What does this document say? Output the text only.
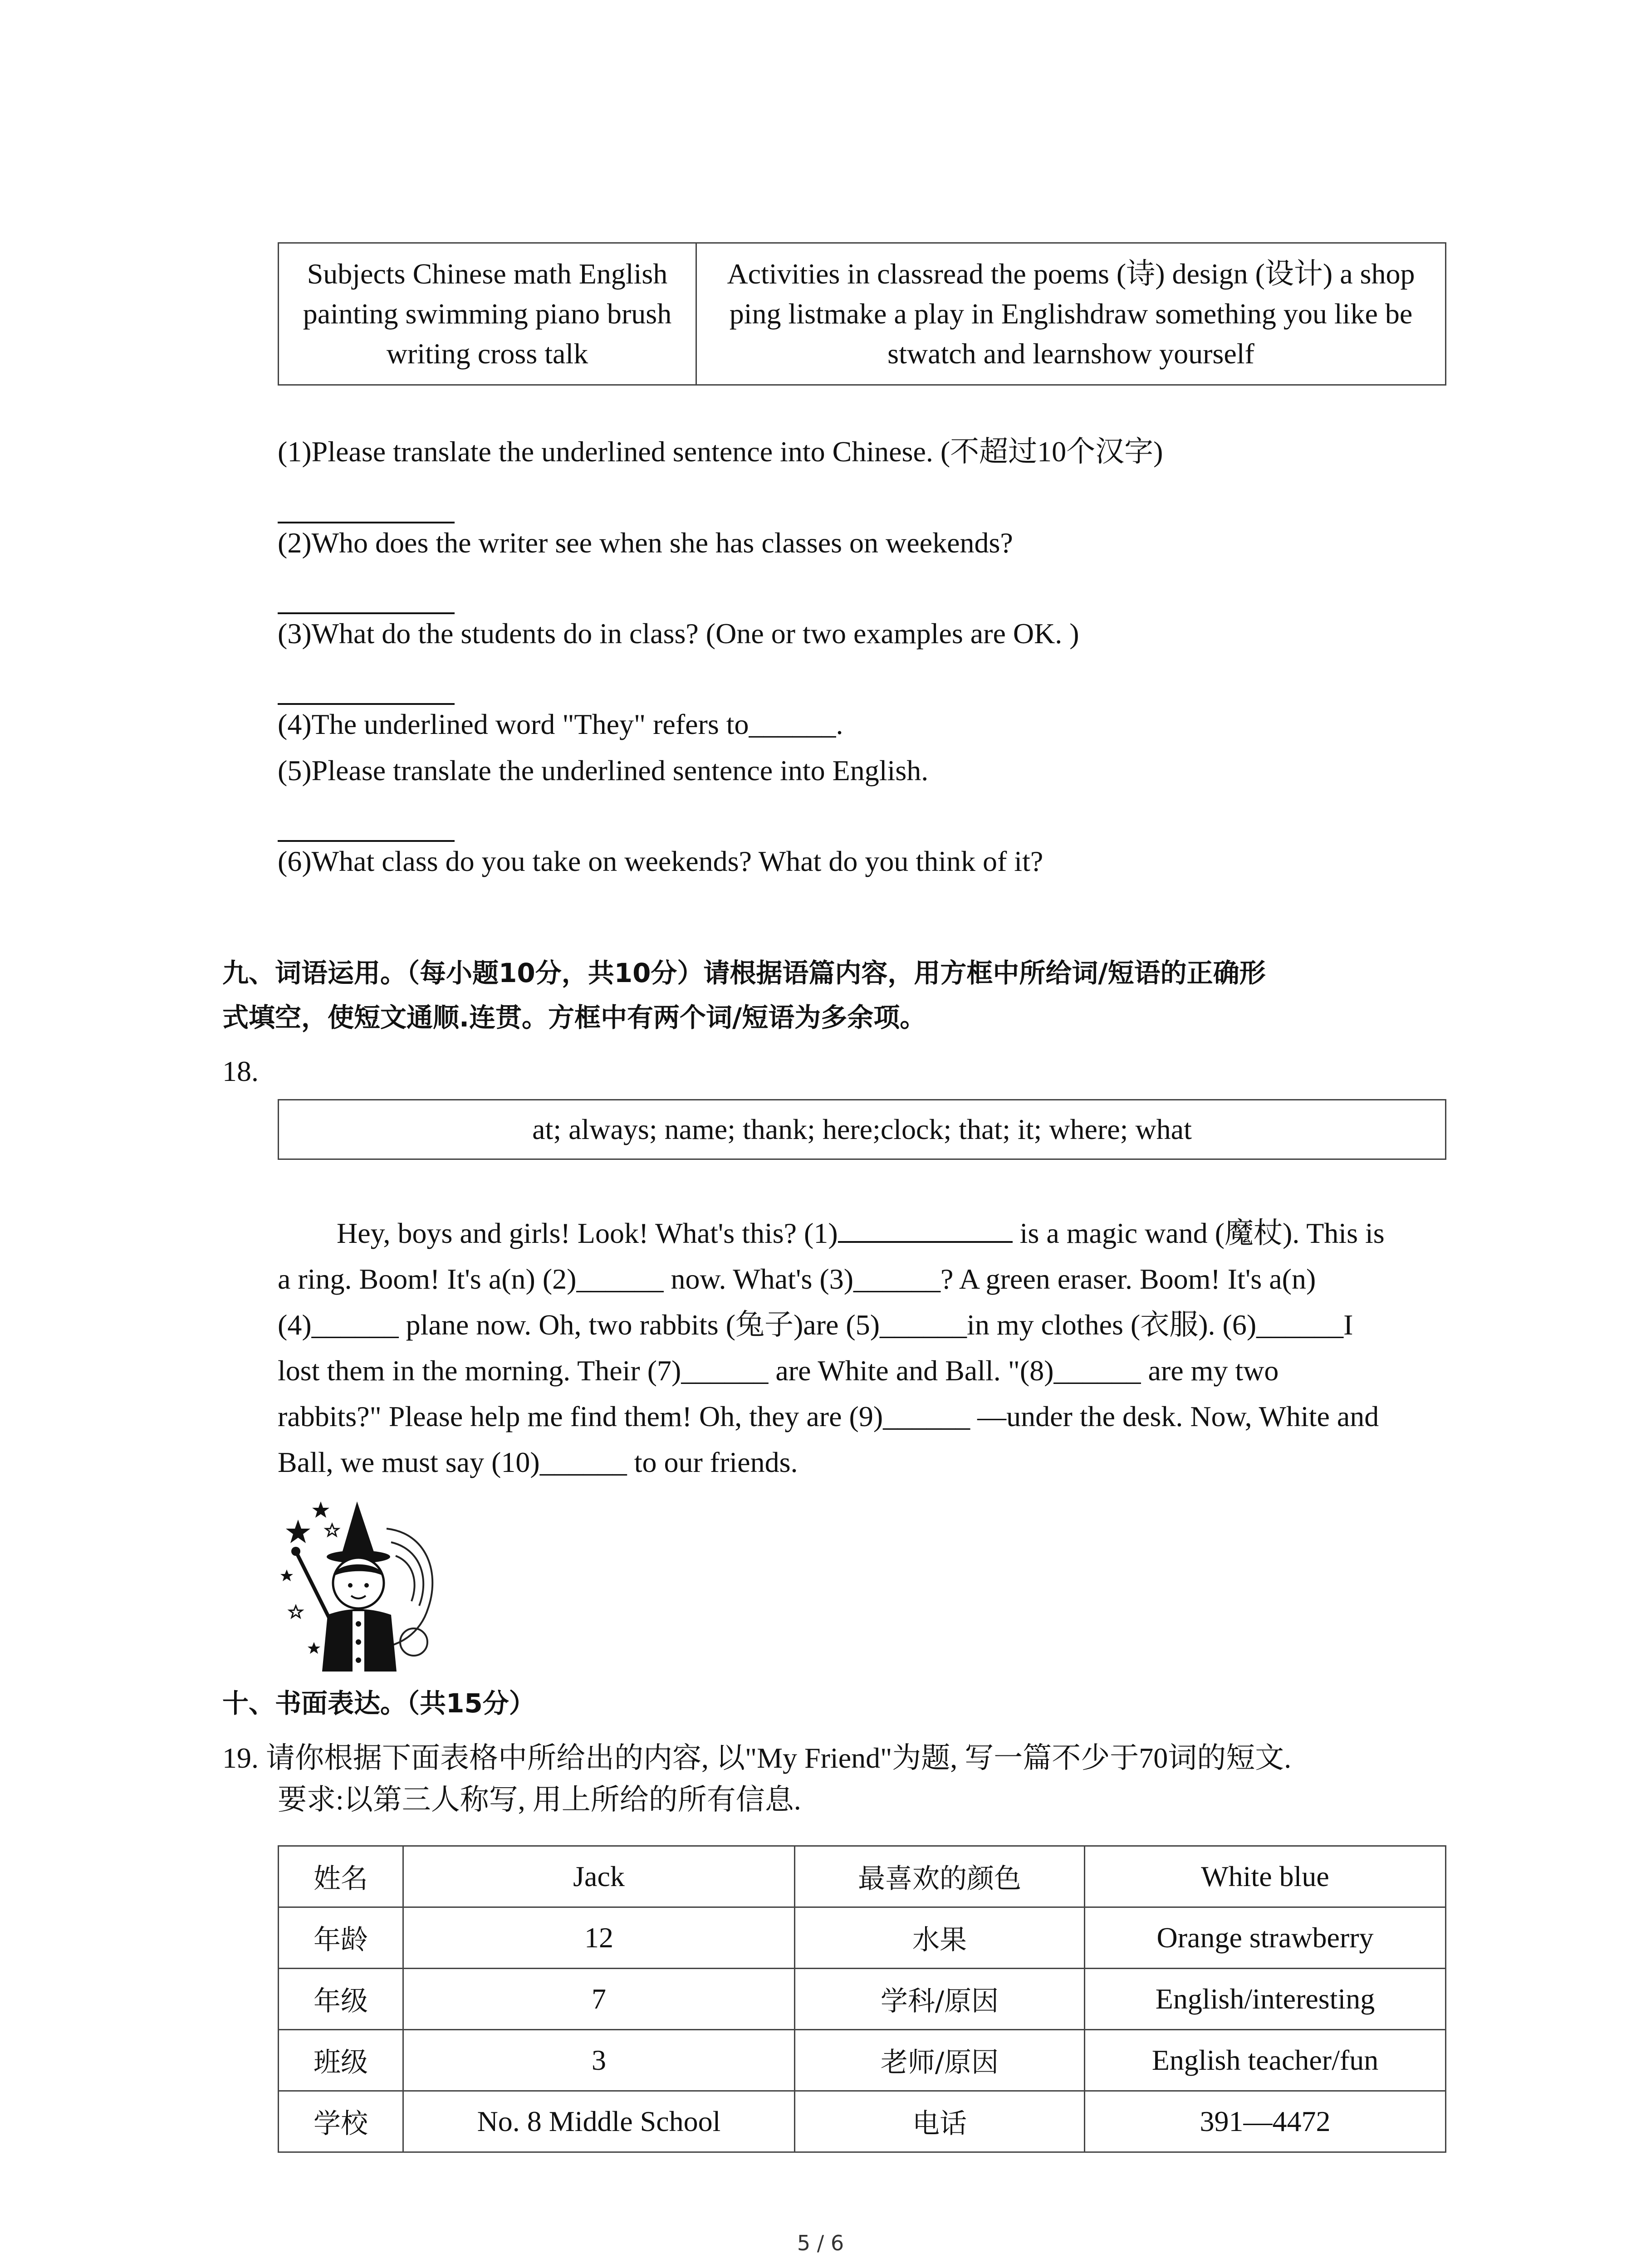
Subjects Chinese math English
painting swimming piano brush
writing cross talk	Activities in classread the poems (诗) design (设计) a shop
ping listmake a play in Englishdraw something you like be
stwatch and learnshow yourself
(1)Please translate the underlined sentence into Chinese. (不超过10个汉字)
(2)Who does the writer see when she has classes on weekends?
(3)What do the students do in class? (One or two examples are OK. )
(4)The underlined word "They" refers to______.
(5)Please translate the underlined sentence into English.
(6)What class do you take on weekends? What do you think of it?
九、词语运用。（每小题10分，共10分）请根据语篇内容，用方框中所给词/短语的正确形
式填空，使短文通顺.连贯。方框中有两个词/短语为多余项。
18.
at; always; name; thank; here;clock; that; it; where; what

Hey, boys and girls! Look! What's this? (1)	is a magic wand (魔杖). This is

a ring. Boom! It's a(n) (2)______ now. What's (3)______? A green eraser. Boom! It's a(n)

(4)______ plane now. Oh, two rabbits (兔子)are (5)______in my clothes (衣服). (6)______I

lost them in the morning. Their (7)______ are White and Ball. "(8)______ are my two

rabbits?" Please help me find them! Oh, they are (9)______ —under the desk. Now, White and

Ball, we must say (10)______ to our friends.

十、书面表达。（共15分）
19. 请你根据下面表格中所给出的内容, 以"My Friend"为题, 写一篇不少于70词的短文.
要求:以第三人称写, 用上所给的所有信息.
姓名	Jack	最喜欢的颜色	White blue
年龄	12	水果	Orange strawberry
年级	7	学科/原因	English/interesting
班级	3	老师/原因	English teacher/fun
学校	No. 8 Middle School	电话	391—4472
5 / 6
